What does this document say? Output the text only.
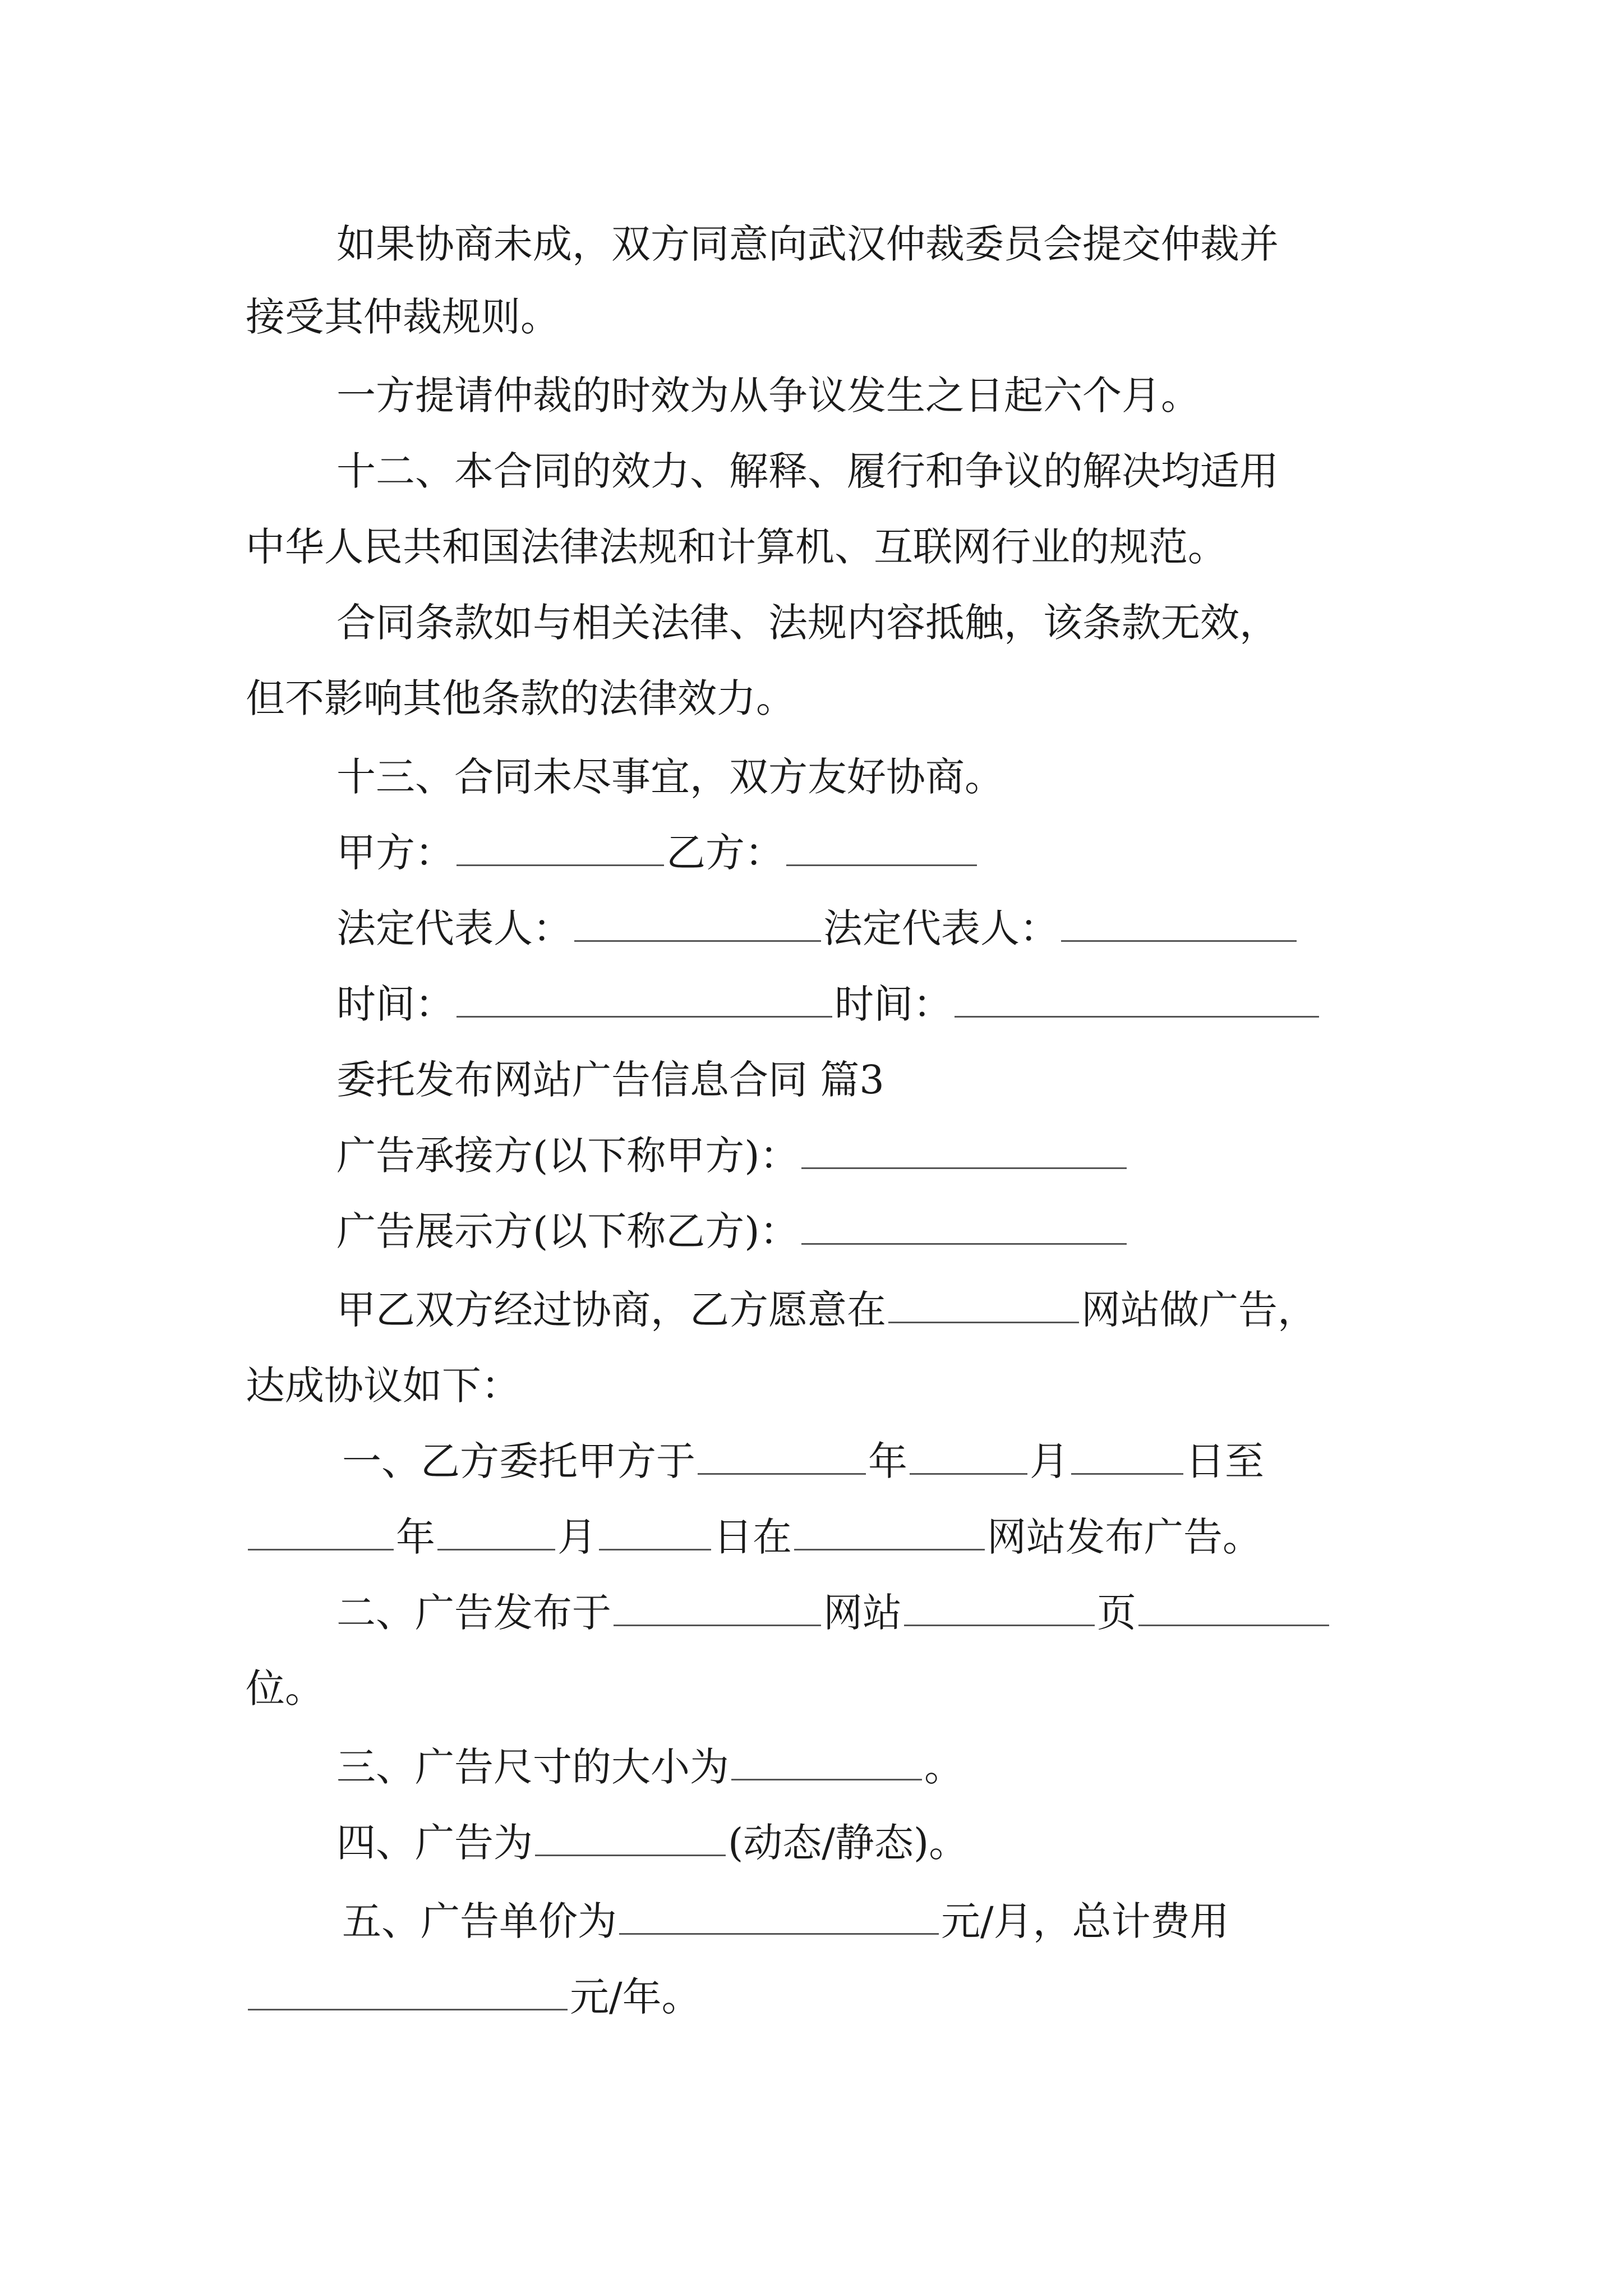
如果协商未成，双方同意向武汉仲裁委员会提交仲裁并
接受其仲裁规则。
一方提请仲裁的时效为从争议发生之日起六个月。
十二、本合同的效力、解释、履行和争议的解决均适用
中华人民共和国法律法规和计算机、互联网行业的规范。
合同条款如与相关法律、法规内容抵触，该条款无效，
但不影响其他条款的法律效力。
十三、合同未尽事宜，双方友好协商。
甲方：	乙方：
法定代表人：	法定代表人：
时间：	时间：
委托发布网站广告信息合同 篇3
广告承接方(以下称甲方)：
广告展示方(以下称乙方)：
甲乙双方经过协商，乙方愿意在	网站做广告，
达成协议如下：
一、乙方委托甲方于	年	月	日至
年	月	日在	网站发布广告。
二、广告发布于	网站	页
位。
三、广告尺寸的大小为	。
四、广告为	(动态/静态)。
五、广告单价为	元/月，总计费用
元/年。
